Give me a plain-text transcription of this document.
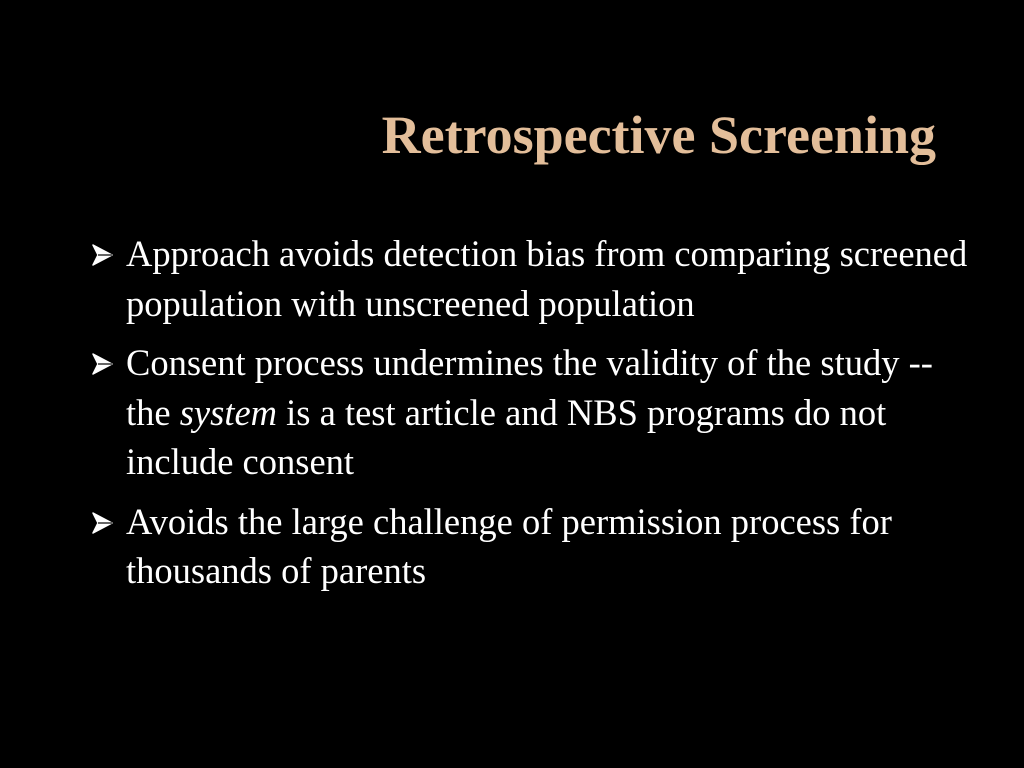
Retrospective Screening
Approach avoids detection bias from comparing screened population with unscreened population
Consent process undermines the validity of the study -- the system is a test article and NBS programs do not include consent
Avoids the large challenge of permission process for thousands of parents
